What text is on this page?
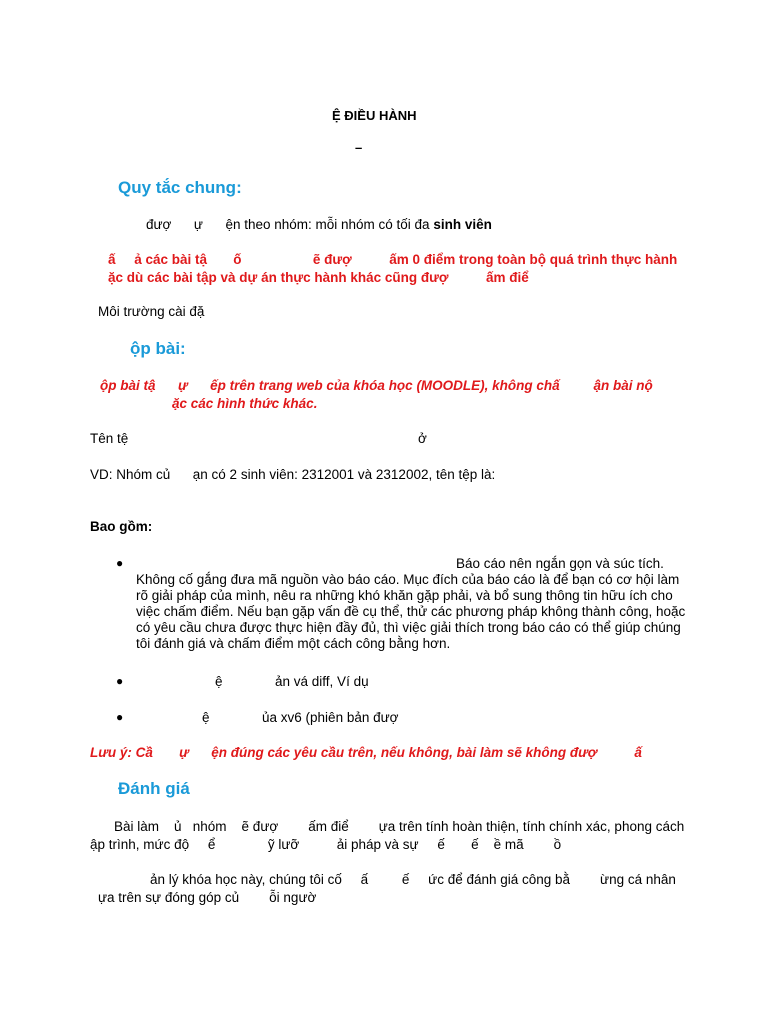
Ệ ĐIỀU HÀNH
–
Quy tắc chung:
đượ      ự      ện theo nhóm: mỗi nhóm có tối đa sinh viên
ấ     ả các bài tậ       ố                   ẽ đượ          ấm 0 điểm trong toàn bộ quá trình thực hành
ặc dù các bài tập và dự án thực hành khác cũng đượ          ấm điể
Môi trường cài đặ
ộp bài:
ộp bài tậ      ự      ếp trên trang web của khóa học (MOODLE), không chấ         ận bài nộ
ặc các hình thức khác.
Tên tệ	ở
VD: Nhóm củ      ạn có 2 sinh viên: 2312001 và 2312002, tên tệp là:
Bao gồm:
●	Báo cáo nên ngắn gọn và súc tích.
Không cố gắng đưa mã nguồn vào báo cáo. Mục đích của báo cáo là để bạn có cơ hội làm rõ giải pháp của mình, nêu ra những khó khăn gặp phải, và bổ sung thông tin hữu ích cho việc chấm điểm. Nếu bạn gặp vấn đề cụ thể, thử các phương pháp không thành công, hoặc có yêu cầu chưa được thực hiện đầy đủ, thì việc giải thích trong báo cáo có thể giúp chúng tôi đánh giá và chấm điểm một cách công bằng hơn.
●	ệ              ản vá diff, Ví dụ
●	ệ              ủa xv6 (phiên bản đượ
Lưu ý: Cầ       ự      ện đúng các yêu cầu trên, nếu không, bài làm sẽ không đượ          ấ
Đánh giá
Bài làm    ủ   nhóm    ẽ đượ        ấm điể        ựa trên tính hoàn thiện, tính chính xác, phong cách
ập trình, mức độ     ể              ỹ lưỡ          ải pháp và sự     ế       ế    ề mã        ồ
ản lý khóa học này, chúng tôi cố     ấ         ế     ức để đánh giá công bằ        ừng cá nhân
ựa trên sự đóng góp củ        ỗi ngườ
